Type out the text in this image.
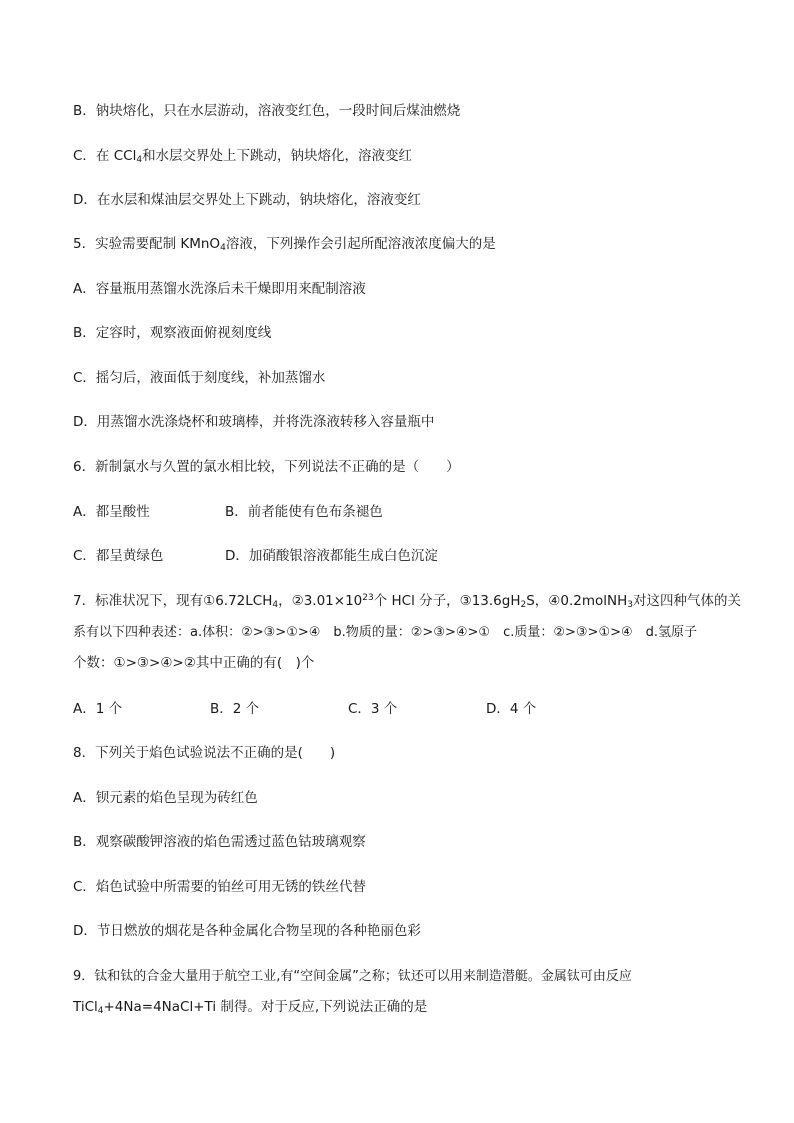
B．钠块熔化，只在水层游动，溶液变红色，一段时间后煤油燃烧
C．在 CCl$_4$和水层交界处上下跳动，钠块熔化，溶液变红
D．在水层和煤油层交界处上下跳动，钠块熔化，溶液变红
5．实验需要配制 KMnO$_4$溶液，下列操作会引起所配溶液浓度偏大的是
A．容量瓶用蒸馏水洗涤后未干燥即用来配制溶液
B．定容时，观察液面俯视刻度线
C．摇匀后，液面低于刻度线，补加蒸馏水
D．用蒸馏水洗涤烧杯和玻璃棒，并将洗涤液转移入容量瓶中
6．新制氯水与久置的氯水相比较，下列说法不正确的是（　　）
A．都呈酸性	B．前者能使有色布条褪色
C．都呈黄绿色	D．加硝酸银溶液都能生成白色沉淀
7．标准状况下，现有$①6.72LCH_4$，$②3.01\times 10^{23}$个 HCl 分子，$③13.6gH_2S$，④0.2molNH$_3$对这四种气体的关
系有以下四种表述：a.体积：②>③>①>④　b.物质的量：②>③>④>①　c.质量：②>③>①>④　d.氢原子
个数：①>③>④>②其中正确的有(　)个
A．1 个	B．2 个	C．3 个	D．4 个
8．下列关于焰色试验说法不正确的是(　　)
A．钡元素的焰色呈现为砖红色
B．观察碳酸钾溶液的焰色需透过蓝色钴玻璃观察
C．焰色试验中所需要的铂丝可用无锈的铁丝代替
D．节日燃放的烟花是各种金属化合物呈现的各种艳丽色彩
9．钛和钛的合金大量用于航空工业,有“空间金属”之称；钛还可以用来制造潜艇。金属钛可由反应
TiCl$_4$+4Na=4NaCl+Ti 制得。对于反应,下列说法正确的是
